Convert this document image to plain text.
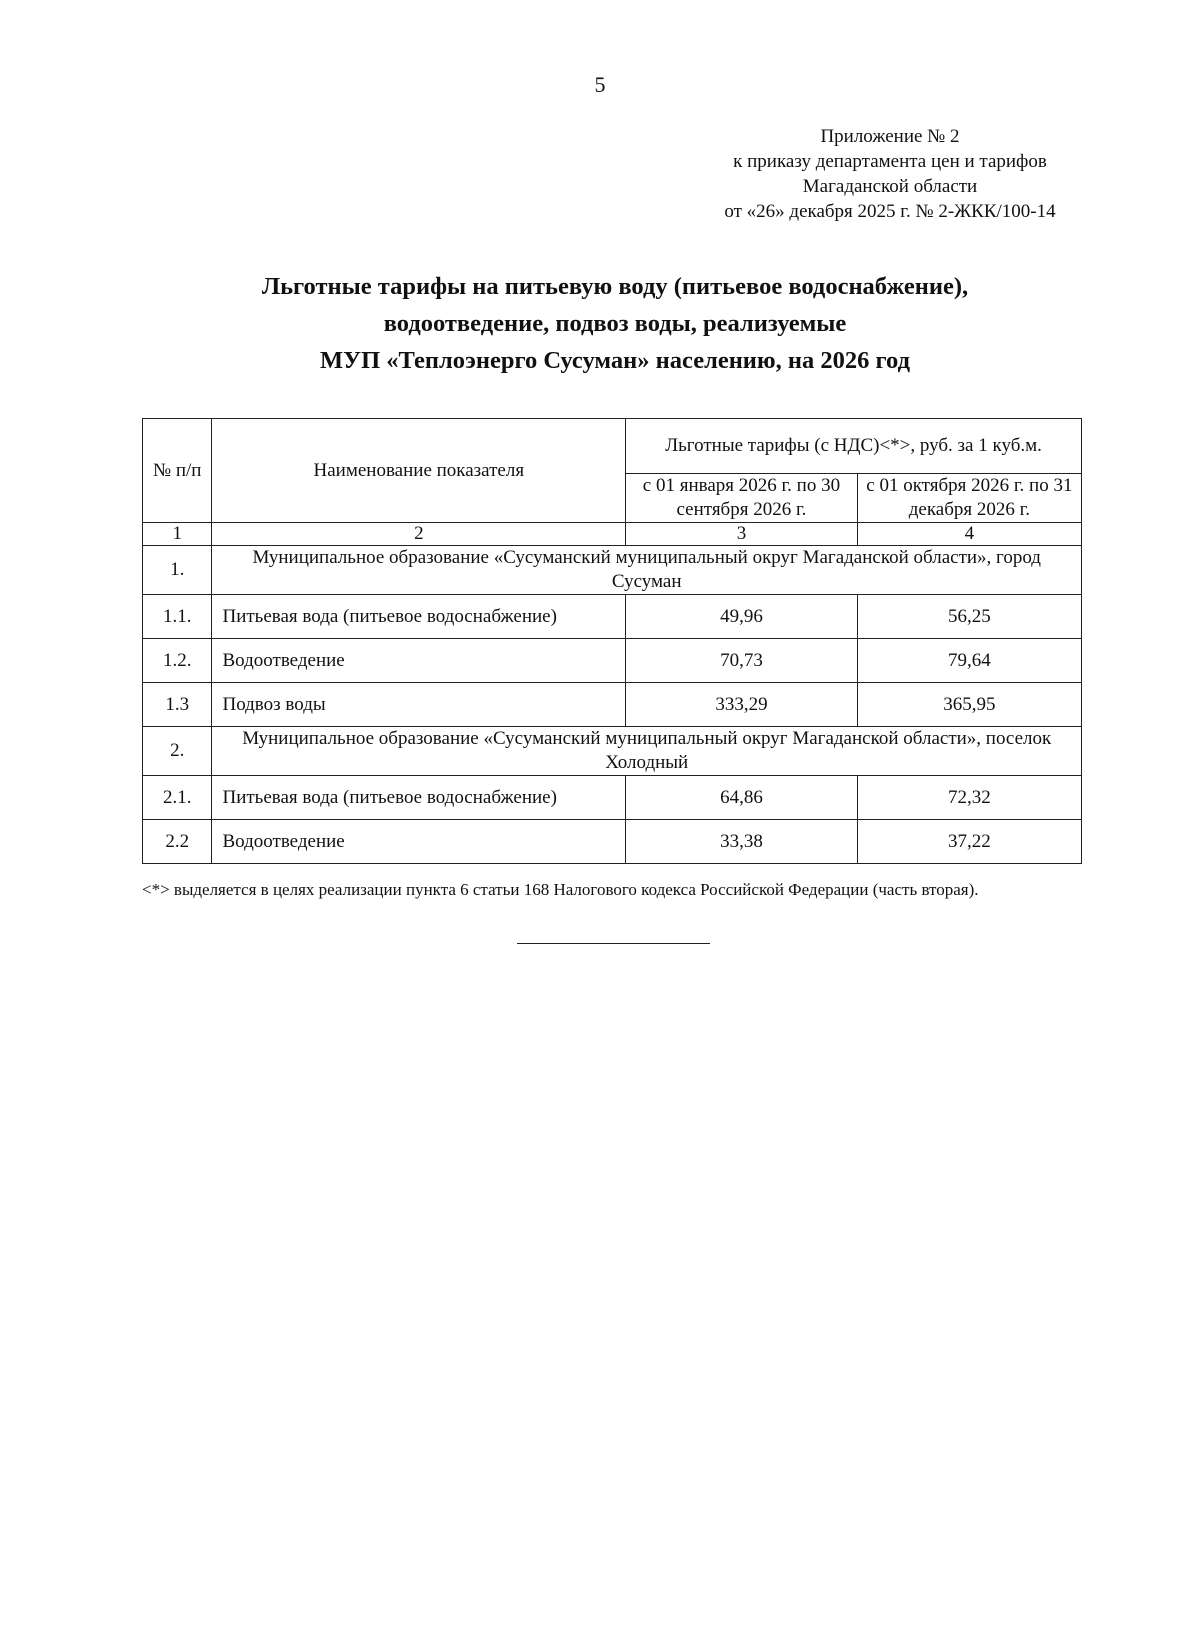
5
Приложение № 2
к приказу департамента цен и тарифов
Магаданской области
от «26» декабря 2025 г. № 2-ЖКК/100-14
Льготные тарифы на питьевую воду (питьевое водоснабжение),
водоотведение, подвоз воды, реализуемые
МУП «Теплоэнерго Сусуман» населению, на 2026 год
№ п/п	Наименование показателя	Льготные тарифы (с НДС)<*>, руб. за 1 куб.м.	
		с 01 января 2026 г. по 30 сентября 2026 г.	с 01 октября 2026 г. по 31 декабря 2026 г.
1	2	3	4
1.	Муниципальное образование «Сусуманский муниципальный округ Магаданской области», город Сусуман		
1.1.	Питьевая вода (питьевое водоснабжение)	49,96	56,25
1.2.	Водоотведение	70,73	79,64
1.3	Подвоз воды	333,29	365,95
2.	Муниципальное образование «Сусуманский муниципальный округ Магаданской области», поселок Холодный		
2.1.	Питьевая вода (питьевое водоснабжение)	64,86	72,32
2.2	Водоотведение	33,38	37,22
<*> выделяется в целях реализации пункта 6 статьи 168 Налогового кодекса Российской Федерации (часть вторая).
